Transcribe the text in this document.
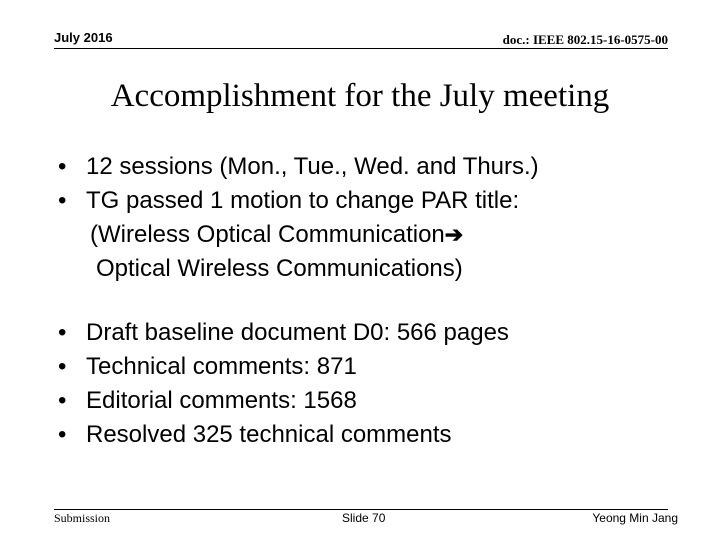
July 2016	doc.: IEEE 802.15-16-0575-00
Accomplishment for the July meeting
• 12 sessions (Mon., Tue., Wed. and Thurs.)
• TG passed 1 motion to change PAR title:
(Wireless Optical Communication➔
Optical Wireless Communications)
• Draft baseline document D0: 566 pages
• Technical comments: 871
• Editorial comments: 1568
• Resolved 325 technical comments
Submission	Slide 70	Yeong Min Jang
